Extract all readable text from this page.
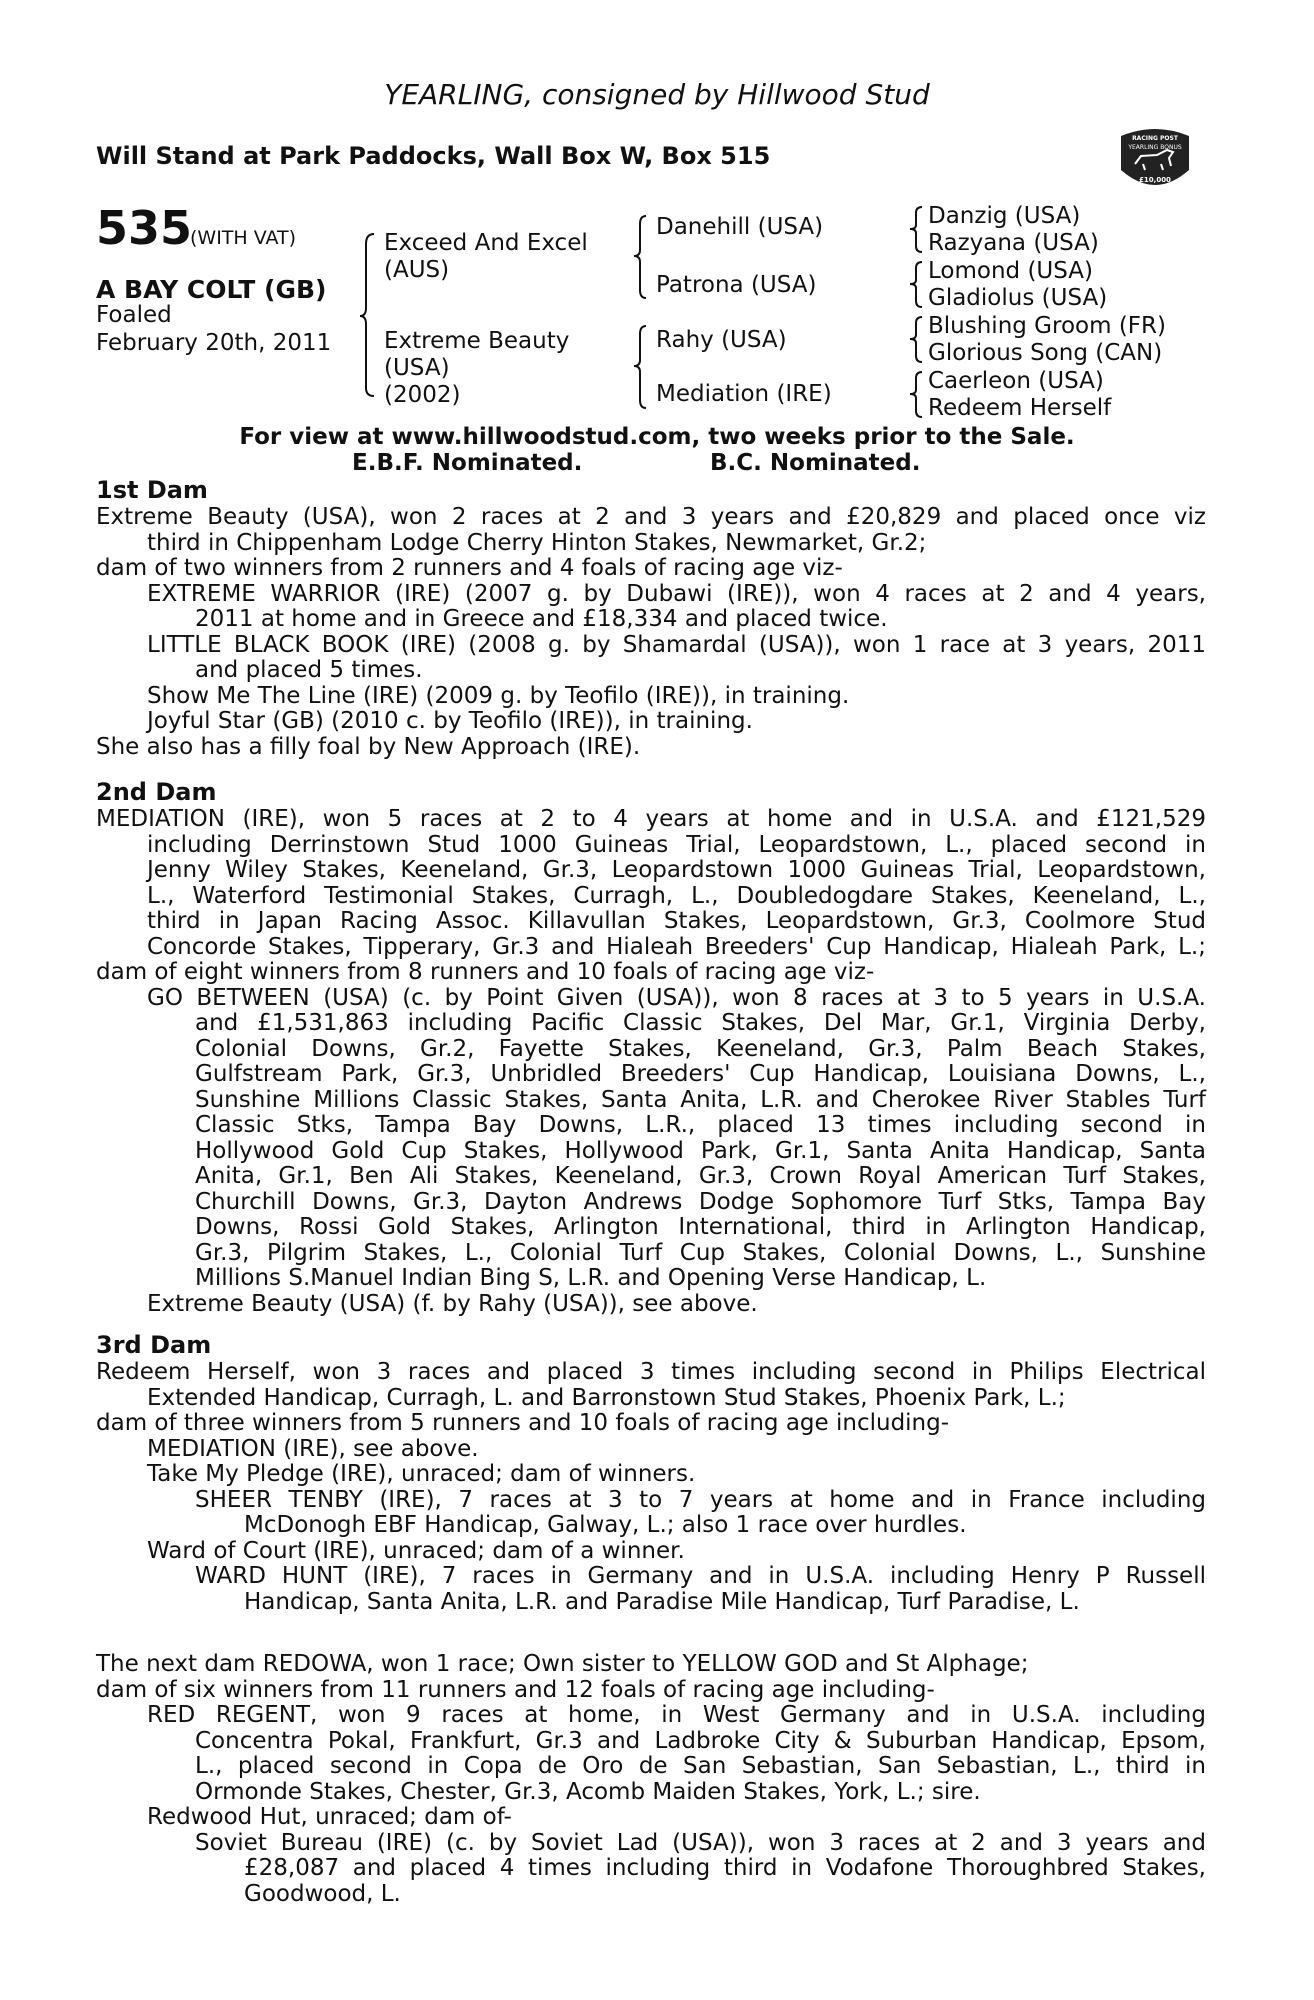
YEARLING, consigned by Hillwood Stud
Will Stand at Park Paddocks, Wall Box W, Box 515
RACING POST
YEARLING BONUS
£10,000
535
(WITH VAT)
A BAY COLT (GB)
Foaled
February 20th, 2011
Exceed And Excel
(AUS)
Extreme Beauty
(USA)
(2002)
Danehill (USA)
Patrona (USA)
Rahy (USA)
Mediation (IRE)
Danzig (USA)
Razyana (USA)
Lomond (USA)
Gladiolus (USA)
Blushing Groom (FR)
Glorious Song (CAN)
Caerleon (USA)
Redeem Herself
For view at www.hillwoodstud.com, two weeks prior to the Sale.
E.B.F. Nominated.	B.C. Nominated.
1st Dam
Extreme Beauty (USA), won 2 races at 2 and 3 years and £20,829 and placed once viz
third in Chippenham Lodge Cherry Hinton Stakes, Newmarket, Gr.2;
dam of two winners from 2 runners and 4 foals of racing age viz-
EXTREME WARRIOR (IRE) (2007 g. by Dubawi (IRE)), won 4 races at 2 and 4 years,
2011 at home and in Greece and £18,334 and placed twice.
LITTLE BLACK BOOK (IRE) (2008 g. by Shamardal (USA)), won 1 race at 3 years, 2011
and placed 5 times.
Show Me The Line (IRE) (2009 g. by Teofilo (IRE)), in training.
Joyful Star (GB) (2010 c. by Teofilo (IRE)), in training.
She also has a filly foal by New Approach (IRE).
2nd Dam
MEDIATION (IRE), won 5 races at 2 to 4 years at home and in U.S.A. and £121,529
including Derrinstown Stud 1000 Guineas Trial, Leopardstown, L., placed second in
Jenny Wiley Stakes, Keeneland, Gr.3, Leopardstown 1000 Guineas Trial, Leopardstown,
L., Waterford Testimonial Stakes, Curragh, L., Doubledogdare Stakes, Keeneland, L.,
third in Japan Racing Assoc. Killavullan Stakes, Leopardstown, Gr.3, Coolmore Stud
Concorde Stakes, Tipperary, Gr.3 and Hialeah Breeders' Cup Handicap, Hialeah Park, L.;
dam of eight winners from 8 runners and 10 foals of racing age viz-
GO BETWEEN (USA) (c. by Point Given (USA)), won 8 races at 3 to 5 years in U.S.A.
and £1,531,863 including Pacific Classic Stakes, Del Mar, Gr.1, Virginia Derby,
Colonial Downs, Gr.2, Fayette Stakes, Keeneland, Gr.3, Palm Beach Stakes,
Gulfstream Park, Gr.3, Unbridled Breeders' Cup Handicap, Louisiana Downs, L.,
Sunshine Millions Classic Stakes, Santa Anita, L.R. and Cherokee River Stables Turf
Classic Stks, Tampa Bay Downs, L.R., placed 13 times including second in
Hollywood Gold Cup Stakes, Hollywood Park, Gr.1, Santa Anita Handicap, Santa
Anita, Gr.1, Ben Ali Stakes, Keeneland, Gr.3, Crown Royal American Turf Stakes,
Churchill Downs, Gr.3, Dayton Andrews Dodge Sophomore Turf Stks, Tampa Bay
Downs, Rossi Gold Stakes, Arlington International, third in Arlington Handicap,
Gr.3, Pilgrim Stakes, L., Colonial Turf Cup Stakes, Colonial Downs, L., Sunshine
Millions S.Manuel Indian Bing S, L.R. and Opening Verse Handicap, L.
Extreme Beauty (USA) (f. by Rahy (USA)), see above.
3rd Dam
Redeem Herself, won 3 races and placed 3 times including second in Philips Electrical
Extended Handicap, Curragh, L. and Barronstown Stud Stakes, Phoenix Park, L.;
dam of three winners from 5 runners and 10 foals of racing age including-
MEDIATION (IRE), see above.
Take My Pledge (IRE), unraced; dam of winners.
SHEER TENBY (IRE), 7 races at 3 to 7 years at home and in France including
McDonogh EBF Handicap, Galway, L.; also 1 race over hurdles.
Ward of Court (IRE), unraced; dam of a winner.
WARD HUNT (IRE), 7 races in Germany and in U.S.A. including Henry P Russell
Handicap, Santa Anita, L.R. and Paradise Mile Handicap, Turf Paradise, L.
The next dam REDOWA, won 1 race; Own sister to YELLOW GOD and St Alphage;
dam of six winners from 11 runners and 12 foals of racing age including-
RED REGENT, won 9 races at home, in West Germany and in U.S.A. including
Concentra Pokal, Frankfurt, Gr.3 and Ladbroke City & Suburban Handicap, Epsom,
L., placed second in Copa de Oro de San Sebastian, San Sebastian, L., third in
Ormonde Stakes, Chester, Gr.3, Acomb Maiden Stakes, York, L.; sire.
Redwood Hut, unraced; dam of-
Soviet Bureau (IRE) (c. by Soviet Lad (USA)), won 3 races at 2 and 3 years and
£28,087 and placed 4 times including third in Vodafone Thoroughbred Stakes,
Goodwood, L.
